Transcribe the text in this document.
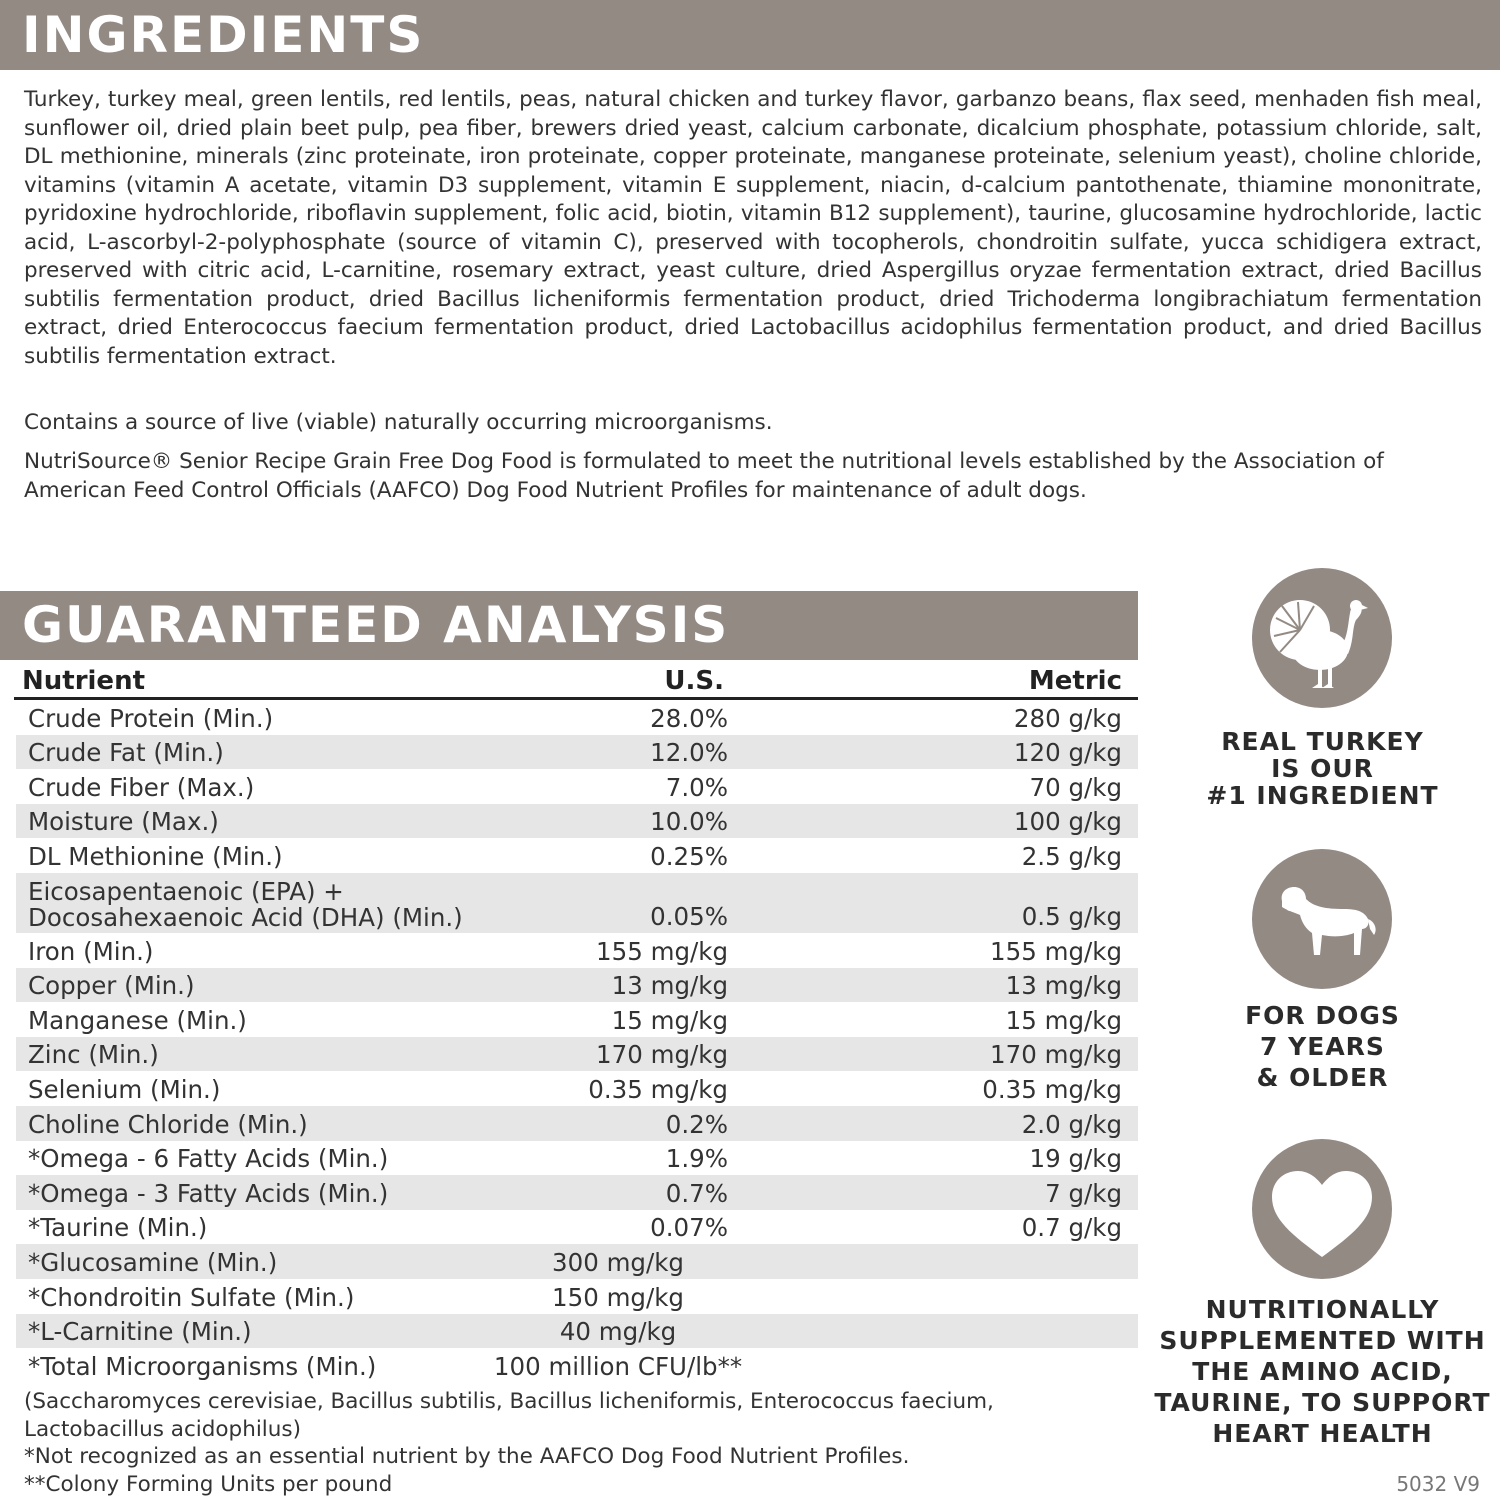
INGREDIENTS
Turkey, turkey meal, green lentils, red lentils, peas, natural chicken and turkey flavor, garbanzo beans, flax seed, menhaden fish meal, sunflower oil, dried plain beet pulp, pea fiber, brewers dried yeast, calcium carbonate, dicalcium phosphate, potassium chloride, salt, DL methionine, minerals (zinc proteinate, iron proteinate, copper proteinate, manganese proteinate, selenium yeast), choline chloride, vitamins (vitamin A acetate, vitamin D3 supplement, vitamin E supplement, niacin, d-calcium pantothenate, thiamine mononitrate, pyridoxine hydrochloride, riboflavin supplement, folic acid, biotin, vitamin B12 supplement), taurine, glucosamine hydrochloride, lactic acid, L-ascorbyl-2-polyphosphate (source of vitamin C), preserved with tocopherols, chondroitin sulfate, yucca schidigera extract, preserved with citric acid, L-carnitine, rosemary extract, yeast culture, dried Aspergillus oryzae fermentation extract, dried Bacillus subtilis fermentation product, dried Bacillus licheniformis fermentation product, dried Trichoderma longibrachiatum fermentation extract, dried Enterococcus faecium fermentation product, dried Lactobacillus acidophilus fermentation product, and dried Bacillus subtilis fermentation extract.
Contains a source of live (viable) naturally occurring microorganisms.
NutriSource® Senior Recipe Grain Free Dog Food is formulated to meet the nutritional levels established by the Association of American Feed Control Officials (AAFCO) Dog Food Nutrient Profiles for maintenance of adult dogs.
GUARANTEED ANALYSIS
Nutrient	U.S.	Metric
Crude Protein (Min.)	28.0%	280 g/kg
Crude Fat (Min.)	12.0%	120 g/kg
Crude Fiber (Max.)	7.0%	70 g/kg
Moisture (Max.)	10.0%	100 g/kg
DL Methionine (Min.)	0.25%	2.5 g/kg
Eicosapentaenoic (EPA) +
Docosahexaenoic Acid (DHA) (Min.)	0.05%	0.5 g/kg
Iron (Min.)	155 mg/kg	155 mg/kg
Copper (Min.)	13 mg/kg	13 mg/kg
Manganese (Min.)	15 mg/kg	15 mg/kg
Zinc (Min.)	170 mg/kg	170 mg/kg
Selenium (Min.)	0.35 mg/kg	0.35 mg/kg
Choline Chloride (Min.)	0.2%	2.0 g/kg
*Omega - 6 Fatty Acids (Min.)	1.9%	19 g/kg
*Omega - 3 Fatty Acids (Min.)	0.7%	7 g/kg
*Taurine (Min.)	0.07%	0.7 g/kg
*Glucosamine (Min.)	300 mg/kg
*Chondroitin Sulfate (Min.)	150 mg/kg
*L-Carnitine (Min.)	40 mg/kg
*Total Microorganisms (Min.)	100 million CFU/lb**
(Saccharomyces cerevisiae, Bacillus subtilis, Bacillus licheniformis, Enterococcus faecium,
Lactobacillus acidophilus)
*Not recognized as an essential nutrient by the AAFCO Dog Food Nutrient Profiles.
**Colony Forming Units per pound	5032 V9
REAL TURKEY
IS OUR
#1 INGREDIENT
FOR DOGS
7 YEARS
& OLDER
NUTRITIONALLY
SUPPLEMENTED WITH
THE AMINO ACID,
TAURINE, TO SUPPORT
HEART HEALTH
